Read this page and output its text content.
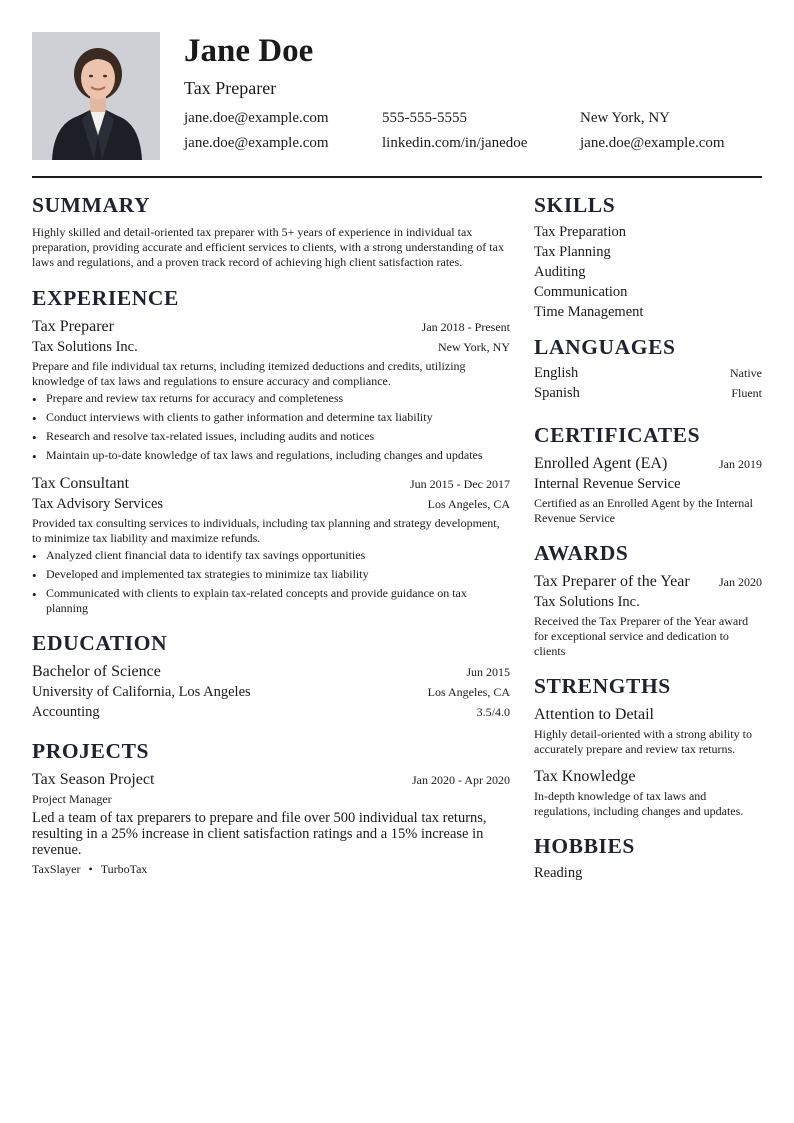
Jane Doe
Tax Preparer
jane.doe@example.com	555-555-5555	New York, NY
jane.doe@example.com	linkedin.com/in/janedoe	jane.doe@example.com
SUMMARY
Highly skilled and detail-oriented tax preparer with 5+ years of experience in individual tax preparation, providing accurate and efficient services to clients, with a strong understanding of tax laws and regulations, and a proven track record of achieving high client satisfaction rates.
EXPERIENCE
Tax Preparer	Jan 2018 - Present
Tax Solutions Inc.	New York, NY
Prepare and file individual tax returns, including itemized deductions and credits, utilizing knowledge of tax laws and regulations to ensure accuracy and compliance.
• Prepare and review tax returns for accuracy and completeness
• Conduct interviews with clients to gather information and determine tax liability
• Research and resolve tax-related issues, including audits and notices
• Maintain up-to-date knowledge of tax laws and regulations, including changes and updates
Tax Consultant	Jun 2015 - Dec 2017
Tax Advisory Services	Los Angeles, CA
Provided tax consulting services to individuals, including tax planning and strategy development, to minimize tax liability and maximize refunds.
• Analyzed client financial data to identify tax savings opportunities
• Developed and implemented tax strategies to minimize tax liability
• Communicated with clients to explain tax-related concepts and provide guidance on tax planning
EDUCATION
Bachelor of Science	Jun 2015
University of California, Los Angeles	Los Angeles, CA
Accounting	3.5/4.0
PROJECTS
Tax Season Project	Jan 2020 - Apr 2020
Project Manager
Led a team of tax preparers to prepare and file over 500 individual tax returns, resulting in a 25% increase in client satisfaction ratings and a 15% increase in revenue.
TaxSlayer • TurboTax
SKILLS
Tax Preparation
Tax Planning
Auditing
Communication
Time Management
LANGUAGES
English	Native
Spanish	Fluent
CERTIFICATES
Enrolled Agent (EA)	Jan 2019
Internal Revenue Service
Certified as an Enrolled Agent by the Internal Revenue Service
AWARDS
Tax Preparer of the Year Jan 2020
Tax Solutions Inc.
Received the Tax Preparer of the Year award for exceptional service and dedication to clients
STRENGTHS
Attention to Detail
Highly detail-oriented with a strong ability to accurately prepare and review tax returns.
Tax Knowledge
In-depth knowledge of tax laws and regulations, including changes and updates.
HOBBIES
Reading
